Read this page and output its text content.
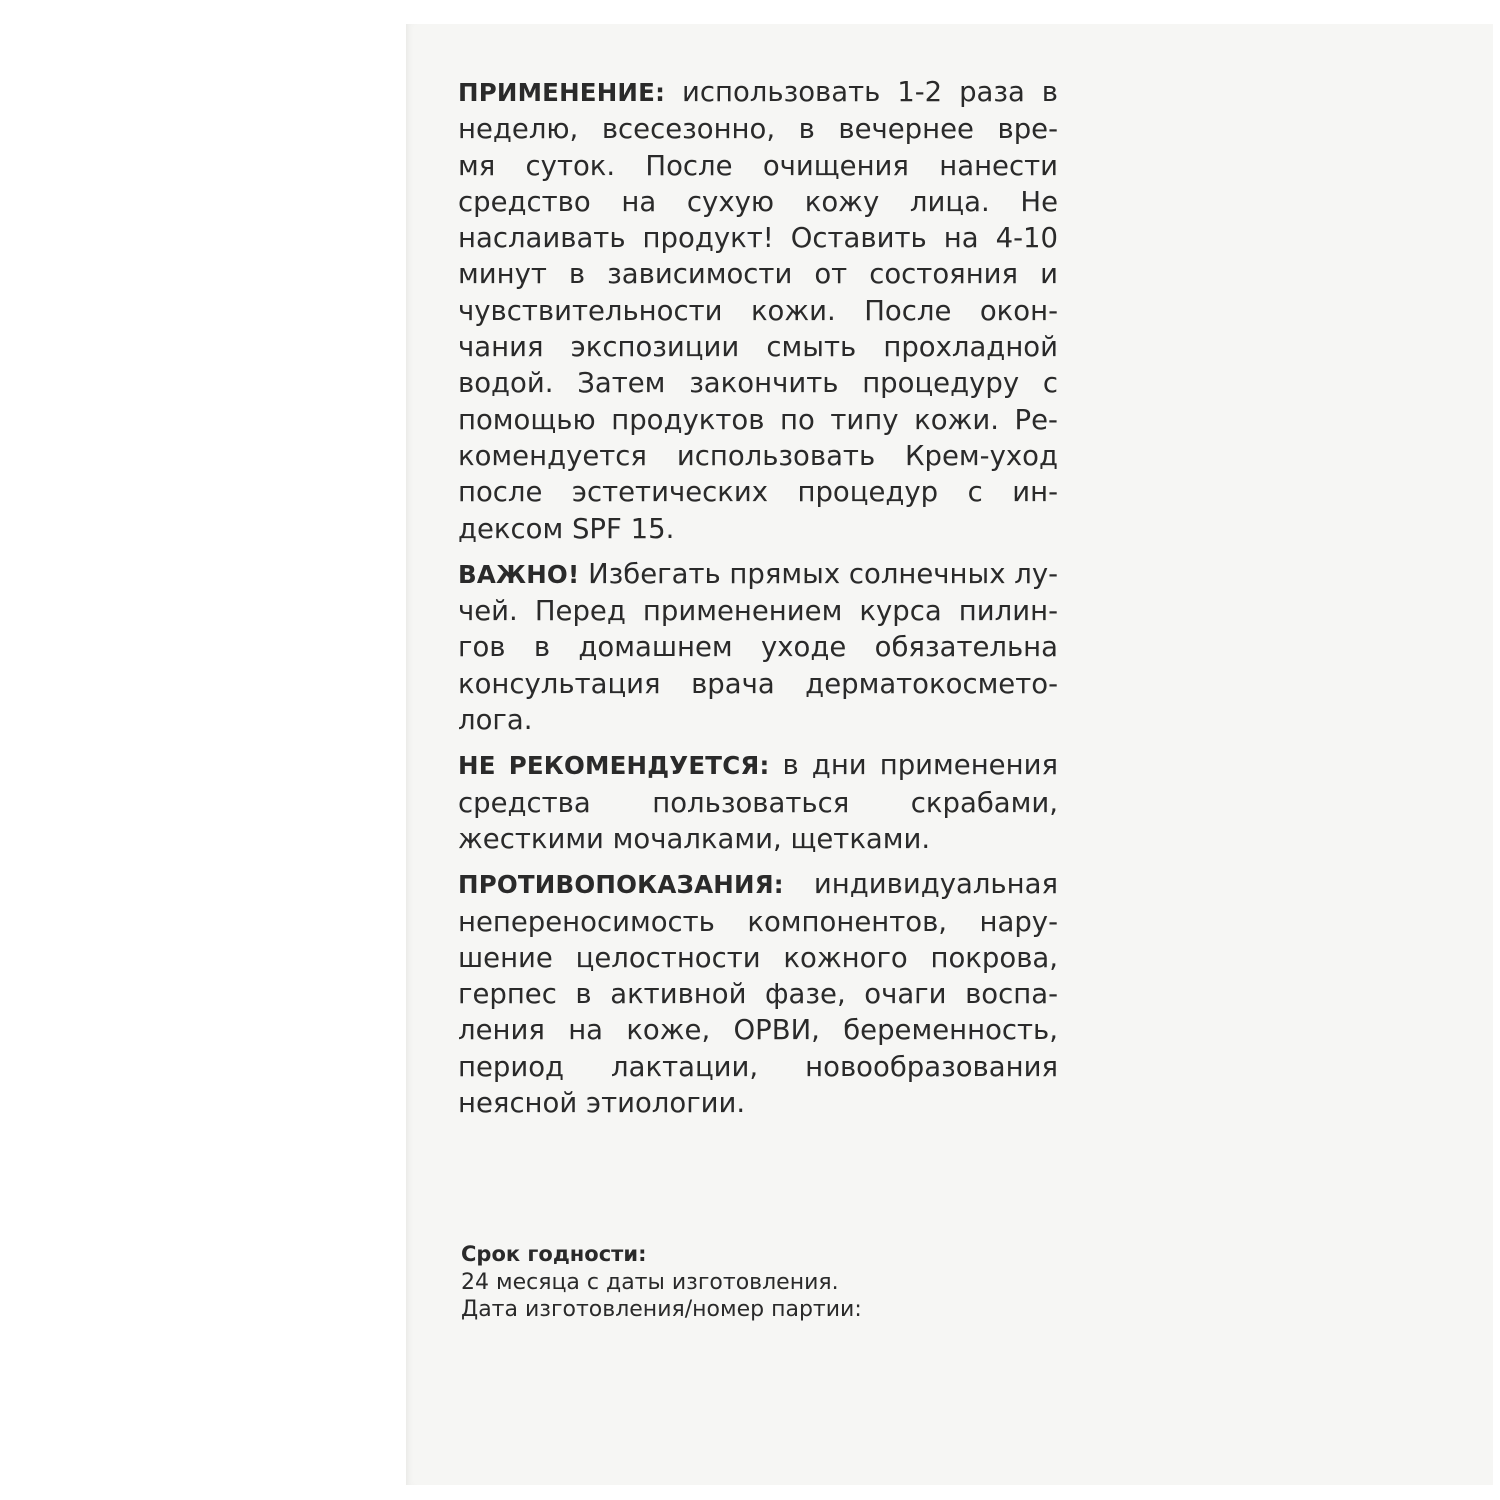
ПРИМЕНЕНИЕ: использовать 1-2 раза в
неделю, всесезонно, в вечернее вре-
мя суток. После очищения нанести
средство на сухую кожу лица. Не
наслаивать продукт! Оставить на 4-10
минут в зависимости от состояния и
чувствительности кожи. После окон-
чания экспозиции смыть прохладной
водой. Затем закончить процедуру с
помощью продуктов по типу кожи. Ре-
комендуется использовать Крем-уход
после эстетических процедур с ин-
дексом SPF 15.

ВАЖНО! Избегать прямых солнечных лу-
чей. Перед применением курса пилин-
гов в домашнем уходе обязательна
консультация врача дерматокосмето-
лога.

НЕ РЕКОМЕНДУЕТСЯ: в дни применения
средства пользоваться скрабами,
жесткими мочалками, щетками.

ПРОТИВОПОКАЗАНИЯ: индивидуальная
непереносимость компонентов, нару-
шение целостности кожного покрова,
герпес в активной фазе, очаги воспа-
ления на коже, ОРВИ, беременность,
период лактации, новообразования
неясной этиологии.

Срок годности:
24 месяца с даты изготовления.
Дата изготовления/номер партии:
